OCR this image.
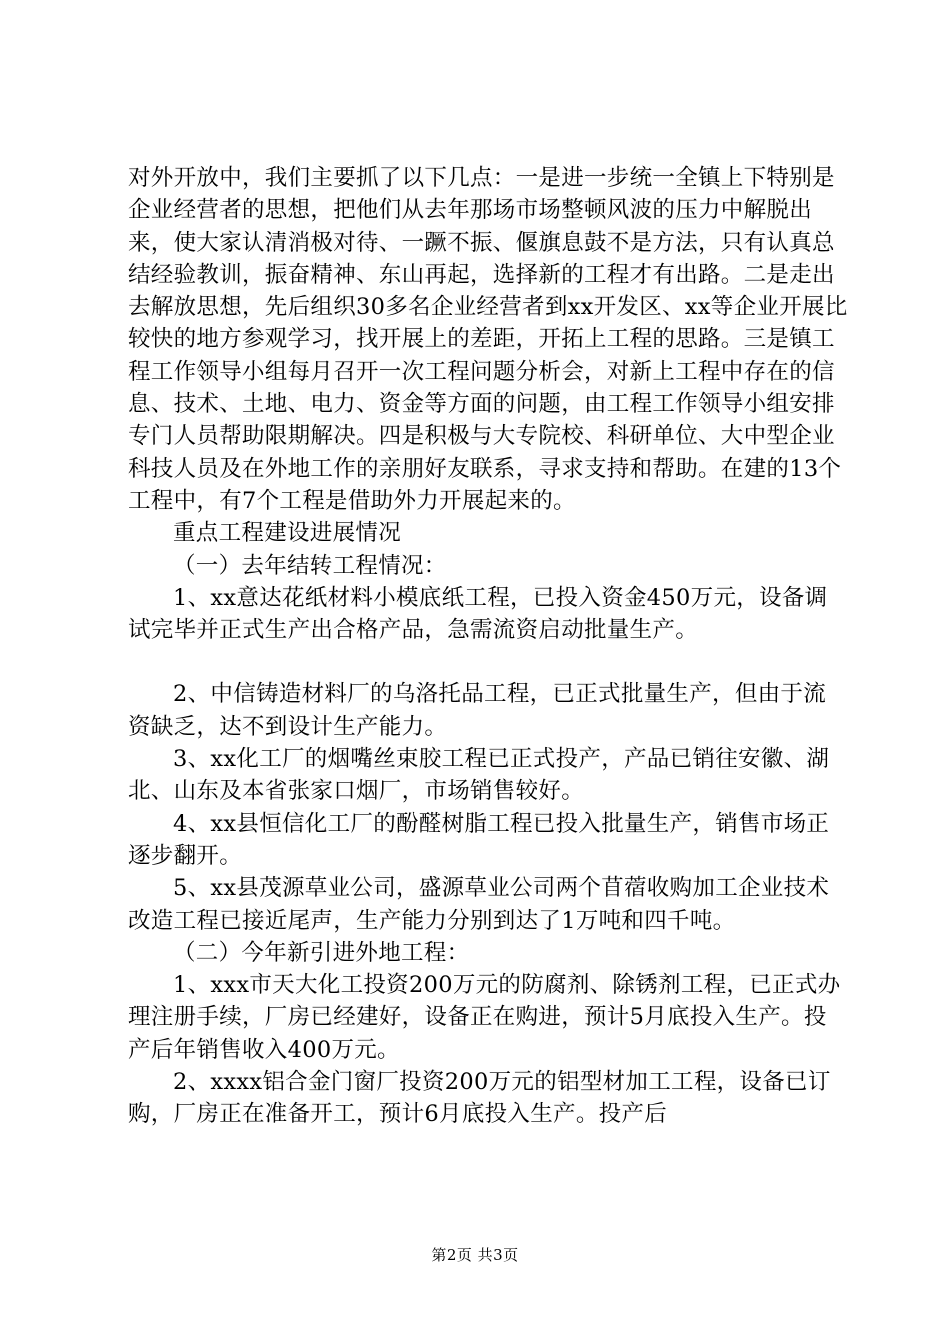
对外开放中，我们主要抓了以下几点：一是进一步统一全镇上下特别是企业经营者的思想，把他们从去年那场市场整顿风波的压力中解脱出来，使大家认清消极对待、一蹶不振、偃旗息鼓不是方法，只有认真总结经验教训，振奋精神、东山再起，选择新的工程才有出路。二是走出去解放思想，先后组织30多名企业经营者到xx开发区、xx等企业开展比较快的地方参观学习，找开展上的差距，开拓上工程的思路。三是镇工程工作领导小组每月召开一次工程问题分析会，对新上工程中存在的信息、技术、土地、电力、资金等方面的问题，由工程工作领导小组安排专门人员帮助限期解决。四是积极与大专院校、科研单位、大中型企业科技人员及在外地工作的亲朋好友联系，寻求支持和帮助。在建的13个工程中，有7个工程是借助外力开展起来的。

重点工程建设进展情况

（一）去年结转工程情况：

1、xx意达花纸材料小模底纸工程，已投入资金450万元，设备调试完毕并正式生产出合格产品，急需流资启动批量生产。

2、中信铸造材料厂的乌洛托品工程，已正式批量生产，但由于流资缺乏，达不到设计生产能力。

3、xx化工厂的烟嘴丝束胶工程已正式投产，产品已销往安徽、湖北、山东及本省张家口烟厂，市场销售较好。

4、xx县恒信化工厂的酚醛树脂工程已投入批量生产，销售市场正逐步翻开。

5、xx县茂源草业公司，盛源草业公司两个苜蓿收购加工企业技术改造工程已接近尾声，生产能力分别到达了1万吨和四千吨。

（二）今年新引进外地工程：

1、xxx市天大化工投资200万元的防腐剂、除锈剂工程，已正式办理注册手续，厂房已经建好，设备正在购进，预计5月底投入生产。投产后年销售收入400万元。

2、xxxx铝合金门窗厂投资200万元的铝型材加工工程，设备已订购，厂房正在准备开工，预计6月底投入生产。投产后

第2页 共3页
